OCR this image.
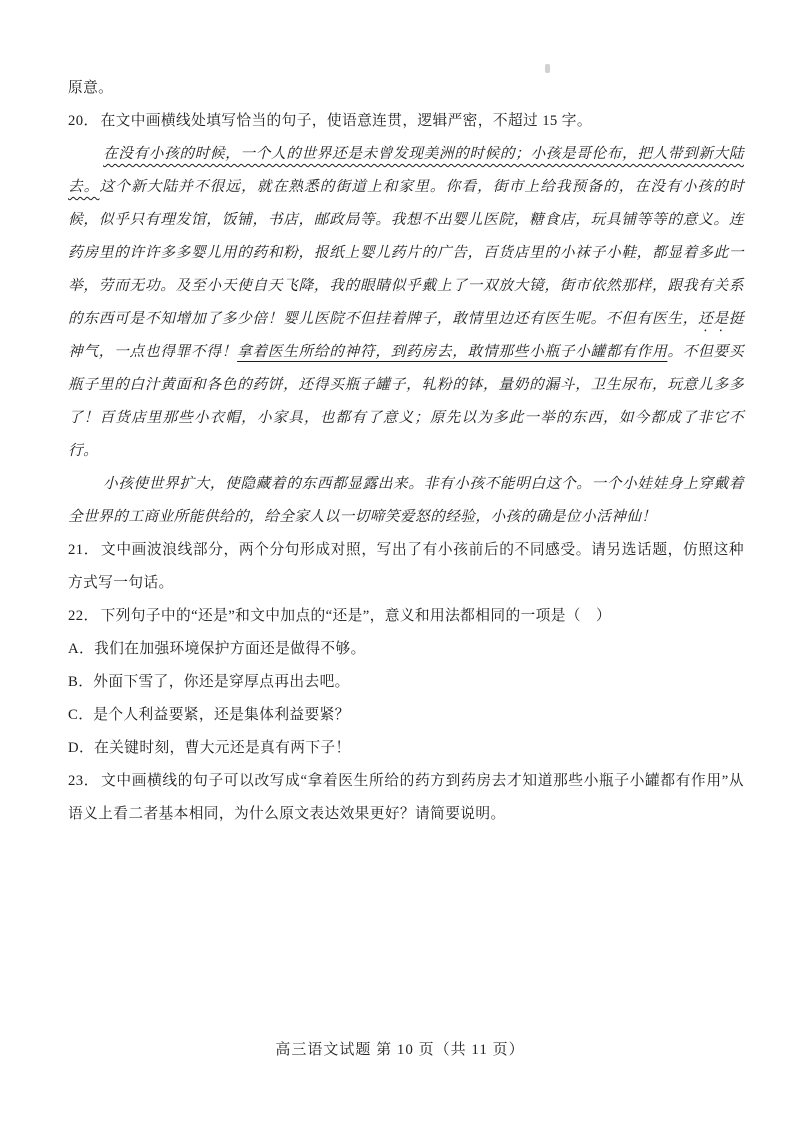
原意。

20． 在文中画横线处填写恰当的句子，使语意连贯，逻辑严密，不超过 15 字。

在没有小孩的时候，一个人的世界还是未曾发现美洲的时候的；小孩是哥伦布，把人带到新大陆去。这个新大陆并不很远，就在熟悉的街道上和家里。你看，街市上给我预备的，在没有小孩的时候，似乎只有理发馆，饭铺，书店，邮政局等。我想不出婴儿医院，糖食店，玩具铺等等的意义。连药房里的许许多多婴儿用的药和粉，报纸上婴儿药片的广告，百货店里的小袜子小鞋，都显着多此一举，劳而无功。及至小天使自天飞降，我的眼睛似乎戴上了一双放大镜，街市依然那样，跟我有关系的东西可是不知增加了多少倍！婴儿医院不但挂着牌子，敢情里边还有医生呢。不但有医生，还是挺神气，一点也得罪不得！拿着医生所给的神符，到药房去，敢情那些小瓶子小罐都有作用。不但要买瓶子里的白汁黄面和各色的药饼，还得买瓶子罐子，轧粉的钵，量奶的漏斗，卫生尿布，玩意儿多多了！百货店里那些小衣帽，小家具，也都有了意义；原先以为多此一举的东西，如今都成了非它不行。

小孩使世界扩大，使隐藏着的东西都显露出来。非有小孩不能明白这个。一个小娃娃身上穿戴着全世界的工商业所能供给的，给全家人以一切啼笑爱怒的经验，小孩的确是位小活神仙！

21． 文中画波浪线部分，两个分句形成对照，写出了有小孩前后的不同感受。请另选话题，仿照这种方式写一句话。

22． 下列句子中的“还是”和文中加点的“还是”，意义和用法都相同的一项是（　）

A．我们在加强环境保护方面还是做得不够。

B．外面下雪了，你还是穿厚点再出去吧。

C．是个人利益要紧，还是集体利益要紧？

D．在关键时刻，曹大元还是真有两下子！

23． 文中画横线的句子可以改写成“拿着医生所给的药方到药房去才知道那些小瓶子小罐都有作用”从语义上看二者基本相同，为什么原文表达效果更好？请简要说明。

高三语文试题 第 10 页（共 11 页）
